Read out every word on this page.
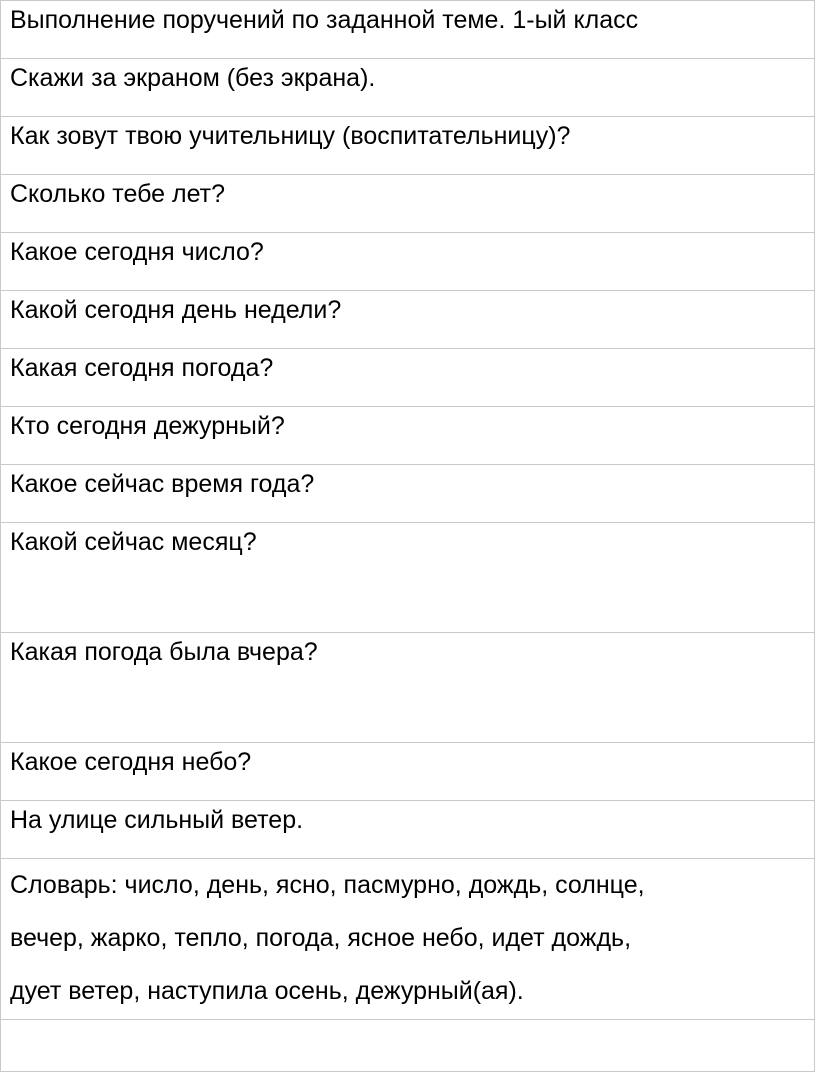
Выполнение поручений по заданной теме. 1-ый класс
Скажи за экраном (без экрана).
Как зовут твою учительницу (воспитательницу)?
Сколько тебе лет?
Какое сегодня число?
Какой сегодня день недели?
Какая сегодня погода?
Кто сегодня дежурный?
Какое сейчас время года?
Какой сейчас месяц?
Какая погода была вчера?
Какое сегодня небо?
На улице сильный ветер.

Словарь: число, день, ясно, пасмурно, дождь, солнце,
вечер, жарко, тепло, погода, ясное небо, идет дождь,
дует ветер, наступила осень, дежурный(ая).
